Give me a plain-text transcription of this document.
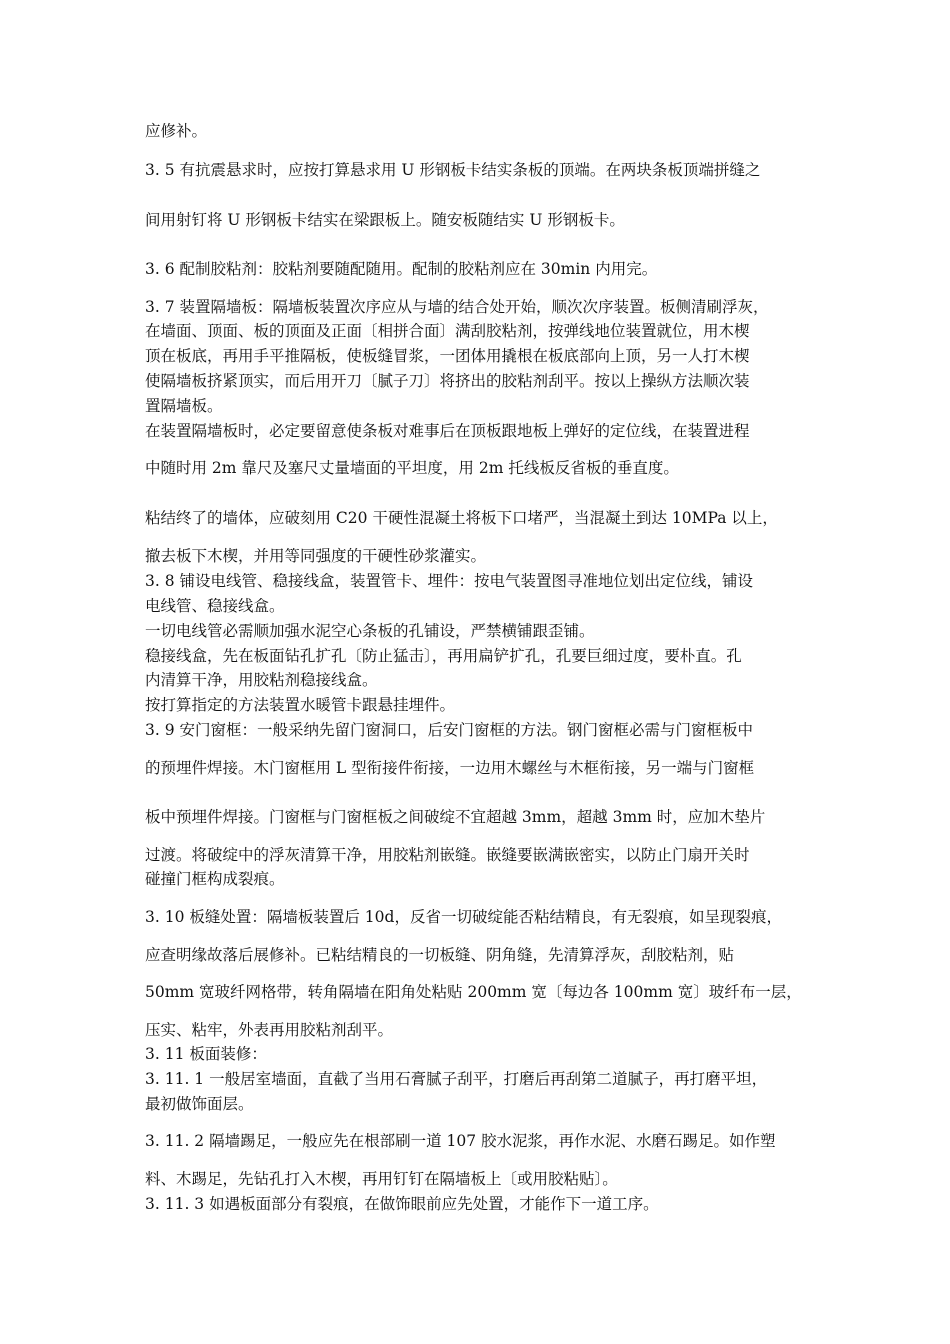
应修补。
3. 5 有抗震悬求时，应按打算悬求用 U 形钢板卡结实条板的顶端。在两块条板顶端拼缝之
间用射钉将 U 形钢板卡结实在梁跟板上。随安板随结实 U 形钢板卡。
3. 6 配制胶粘剂：胶粘剂要随配随用。配制的胶粘剂应在 30min 内用完。
3. 7 装置隔墙板：隔墙板装置次序应从与墙的结合处开始，顺次次序装置。板侧清刷浮灰，
在墙面、顶面、板的顶面及正面〔相拼合面〕满刮胶粘剂，按弹线地位装置就位，用木楔
顶在板底，再用手平推隔板，使板缝冒浆，一团体用撬根在板底部向上顶，另一人打木楔
使隔墙板挤紧顶实，而后用开刀〔腻子刀〕将挤出的胶粘剂刮平。按以上操纵方法顺次装
置隔墙板。
在装置隔墙板时，必定要留意使条板对难事后在顶板跟地板上弹好的定位线，在装置进程
中随时用 2m 靠尺及塞尺丈量墙面的平坦度，用 2m 托线板反省板的垂直度。
粘结终了的墙体，应破刻用 C20 干硬性混凝土将板下口堵严，当混凝土到达 10MPa 以上，
撤去板下木楔，并用等同强度的干硬性砂浆灌实。
3. 8 铺设电线管、稳接线盒，装置管卡、埋件：按电气装置图寻准地位划出定位线，铺设
电线管、稳接线盒。
一切电线管必需顺加强水泥空心条板的孔铺设，严禁横铺跟歪铺。
稳接线盒，先在板面钻孔扩孔〔防止猛击〕，再用扁铲扩孔，孔要巨细过度，要朴直。孔
内清算干净，用胶粘剂稳接线盒。
按打算指定的方法装置水暖管卡跟悬挂埋件。
3. 9 安门窗框：一般采纳先留门窗洞口，后安门窗框的方法。钢门窗框必需与门窗框板中
的预埋件焊接。木门窗框用 L 型衔接件衔接，一边用木螺丝与木框衔接，另一端与门窗框
板中预埋件焊接。门窗框与门窗框板之间破绽不宜超越 3mm，超越 3mm 时，应加木垫片
过渡。将破绽中的浮灰清算干净，用胶粘剂嵌缝。嵌缝要嵌满嵌密实，以防止门扇开关时
碰撞门框构成裂痕。
3. 10 板缝处置：隔墙板装置后 10d，反省一切破绽能否粘结精良，有无裂痕，如呈现裂痕，
应查明缘故落后展修补。已粘结精良的一切板缝、阴角缝，先清算浮灰，刮胶粘剂，贴
50mm 宽玻纤网格带，转角隔墙在阳角处粘贴 200mm 宽〔每边各 100mm 宽〕玻纤布一层，
压实、粘牢，外表再用胶粘剂刮平。
3. 11 板面装修：
3. 11. 1 一般居室墙面，直截了当用石膏腻子刮平，打磨后再刮第二道腻子，再打磨平坦，
最初做饰面层。
3. 11. 2 隔墙踢足，一般应先在根部刷一道 107 胶水泥浆，再作水泥、水磨石踢足。如作塑
料、木踢足，先钻孔打入木楔，再用钉钉在隔墙板上〔或用胶粘贴〕。
3. 11. 3 如遇板面部分有裂痕，在做饰眼前应先处置，才能作下一道工序。
